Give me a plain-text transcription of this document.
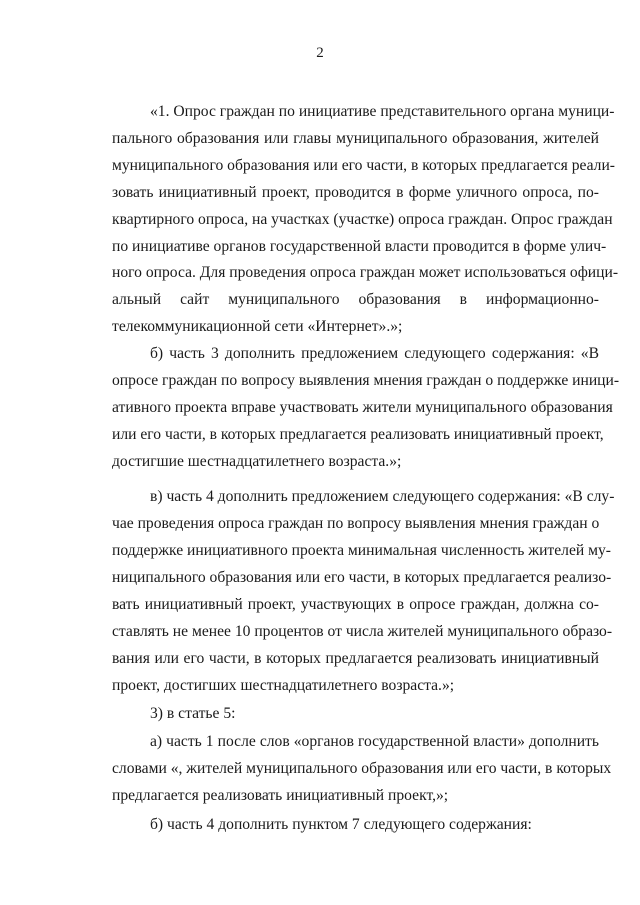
2
«1. Опрос граждан по инициативе представительного органа муници-
пального образования или главы муниципального образования, жителей
муниципального образования или его части, в которых предлагается реали-
зовать инициативный проект, проводится в форме уличного опроса, по-
квартирного опроса, на участках (участке) опроса граждан. Опрос граждан
по инициативе органов государственной власти проводится в форме улич-
ного опроса. Для проведения опроса граждан может использоваться офици-
альный сайт муниципального образования в информационно-
телекоммуникационной сети «Интернет».»;
б) часть 3 дополнить предложением следующего содержания: «В
опросе граждан по вопросу выявления мнения граждан о поддержке иници-
ативного проекта вправе участвовать жители муниципального образования
или его части, в которых предлагается реализовать инициативный проект,
достигшие шестнадцатилетнего возраста.»;
в) часть 4 дополнить предложением следующего содержания: «В слу-
чае проведения опроса граждан по вопросу выявления мнения граждан о
поддержке инициативного проекта минимальная численность жителей му-
ниципального образования или его части, в которых предлагается реализо-
вать инициативный проект, участвующих в опросе граждан, должна со-
ставлять не менее 10 процентов от числа жителей муниципального образо-
вания или его части, в которых предлагается реализовать инициативный
проект, достигших шестнадцатилетнего возраста.»;
3) в статье 5:
а) часть 1 после слов «органов государственной власти» дополнить
словами «, жителей муниципального образования или его части, в которых
предлагается реализовать инициативный проект,»;
б) часть 4 дополнить пунктом 7 следующего содержания:
